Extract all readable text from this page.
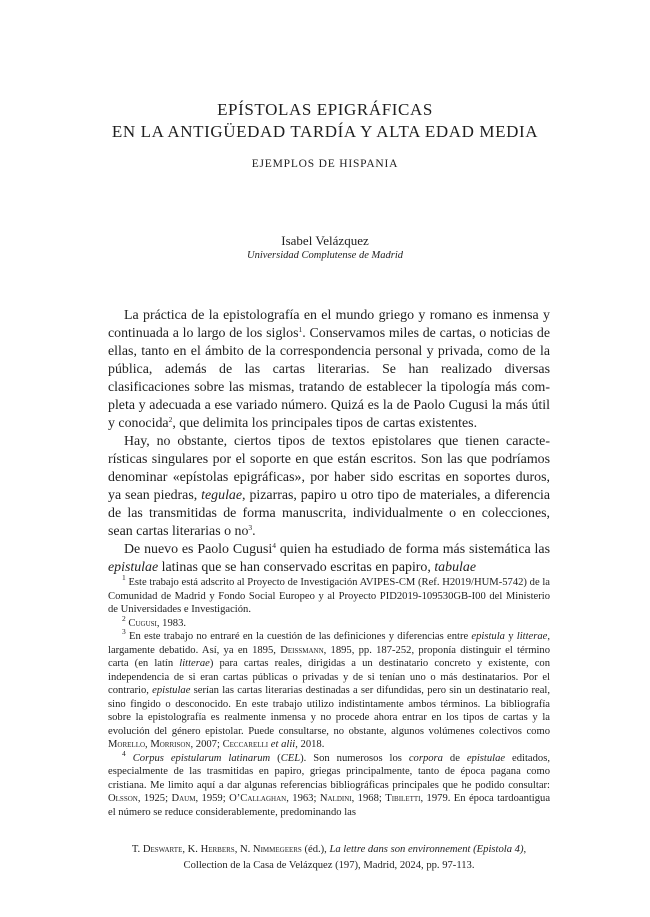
EPÍSTOLAS EPIGRÁFICAS
EN LA ANTIGÜEDAD TARDÍA Y ALTA EDAD MEDIA
EJEMPLOS DE HISPANIA
Isabel Velázquez
Universidad Complutense de Madrid

La práctica de la epistolografía en el mundo griego y romano es inmensa y continuada a lo largo de los siglos$^1$. Conservamos miles de cartas, o noticias de ellas, tanto en el ámbito de la correspondencia personal y privada, como de la pública, además de las cartas literarias. Se han realizado diversas clasificaciones sobre las mismas, tratando de establecer la tipología más completa y adecuada a ese variado número. Quizá es la de Paolo Cugusi la más útil y conocida$^2$, que delimita los principales tipos de cartas existentes.

Hay, no obstante, ciertos tipos de textos epistolares que tienen características singulares por el soporte en que están escritos. Son las que podríamos denominar «epístolas epigráficas», por haber sido escritas en soportes duros, ya sean piedras, tegulae, pizarras, papiro u otro tipo de materiales, a diferencia de las transmitidas de forma manuscrita, individualmente o en colecciones, sean cartas literarias o $no^3$.

De nuevo es Paolo Cugusi$^4$ quien ha estudiado de forma más sistemática las epistulae latinas que se han conservado escritas en papiro, tabulae

$^1$ Este trabajo está adscrito al Proyecto de Investigación AVIPES-CM (Ref. H2019/HUM-5742) de la Comunidad de Madrid y Fondo Social Europeo y al Proyecto PID2019-109530GB-I00 del Ministerio de Universidades e Investigación.

$^2$ Cugusi, 1983.

$^3$ En este trabajo no entraré en la cuestión de las definiciones y diferencias entre epistula y litterae, largamente debatido. Así, ya en 1895, Deissmann, 1895, pp. 187-252, proponía distinguir el término carta (en latín litterae) para cartas reales, dirigidas a un destinatario concreto y existente, con independencia de si eran cartas públicas o privadas y de si tenían uno o más destinatarios. Por el contrario, epistulae serían las cartas literarias destinadas a ser difundidas, pero sin un destinatario real, sino fingido o desconocido. En este trabajo utilizo indistintamente ambos términos. La bibliografía sobre la epistolografía es realmente inmensa y no procede ahora entrar en los tipos de cartas y la evolución del género epistolar. Puede consultarse, no obstante, algunos volúmenes colectivos como Morello, Morrison, 2007; Ceccarelli et alii, 2018.

$^4$ Corpus epistularum latinarum (CEL). Son numerosos los corpora de epistulae editados, especialmente de las trasmitidas en papiro, griegas principalmente, tanto de época pagana como cristiana. Me limito aquí a dar algunas referencias bibliográficas principales que he podido consultar: Olsson, 1925; Daum, 1959; O’Callaghan, 1963; Naldini, 1968; Tibiletti, 1979. En época tardoantigua el número se reduce considerablemente, predominando las

T. Deswarte, K. Herbers, N. Nimmegeers (éd.), La lettre dans son environnement (Epistola 4),
Collection de la Casa de Velázquez (197), Madrid, 2024, pp. 97-113.
